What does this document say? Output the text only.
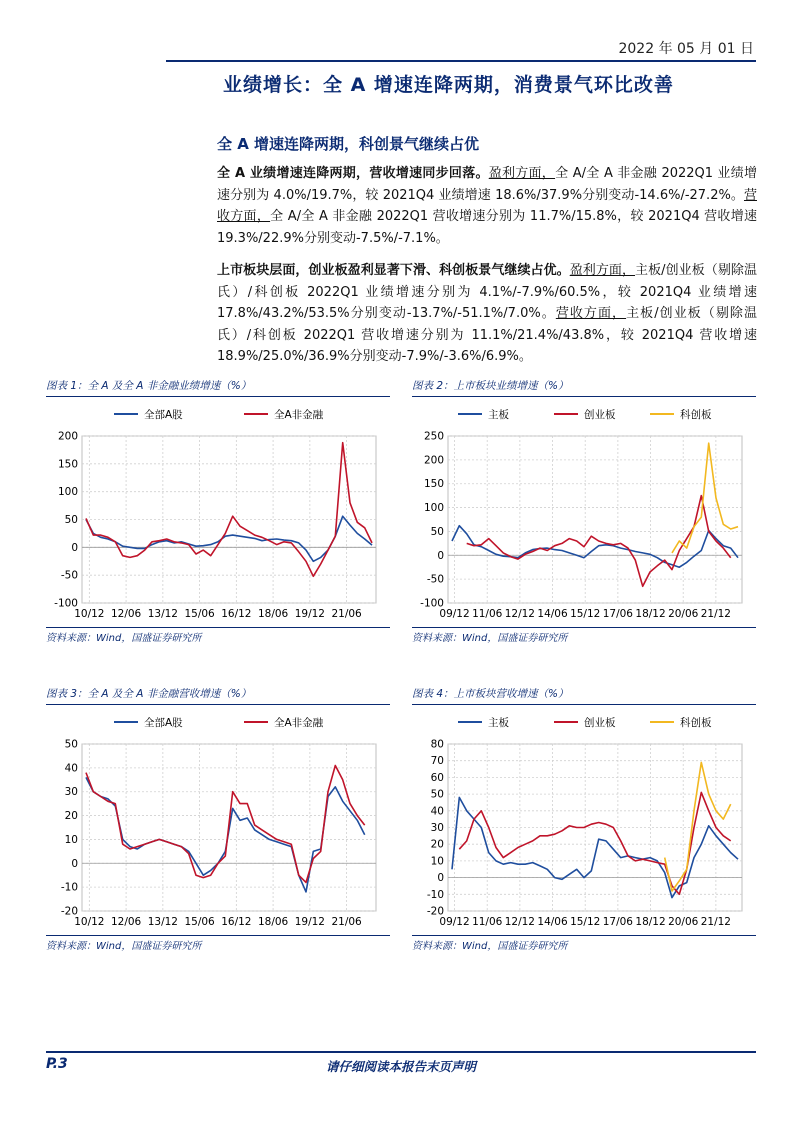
2022 年 05 月 01 日
业绩增长：全 A 增速连降两期，消费景气环比改善
全 A 增速连降两期，科创景气继续占优
全 A 业绩增速连降两期，营收增速同步回落。盈利方面，全 A/全 A 非金融 2022Q1 业绩增速分别为 4.0%/19.7%，较 2021Q4 业绩增速 18.6%/37.9%分别变动-14.6%/-27.2%。营收方面，全 A/全 A 非金融 2022Q1 营收增速分别为 11.7%/15.8%，较 2021Q4 营收增速 19.3%/22.9%分别变动-7.5%/-7.1%。
上市板块层面，创业板盈利显著下滑、科创板景气继续占优。盈利方面，主板/创业板（剔除温氏）/科创板 2022Q1 业绩增速分别为 4.1%/-7.9%/60.5%，较 2021Q4 业绩增速 17.8%/43.2%/53.5%分别变动-13.7%/-51.1%/7.0%。营收方面，主板/创业板（剔除温氏）/科创板 2022Q1 营收增速分别为 11.1%/21.4%/43.8%，较 2021Q4 营收增速 18.9%/25.0%/36.9%分别变动-7.9%/-3.6%/6.9%。
图表 1：全 A 及全 A 非金融业绩增速（%）
200
150
100
50
0
-50
-100
10/12 12/06 13/12 15/06 16/12 18/06 19/12 21/06
全部A股	全A非金融
资料来源：Wind，国盛证券研究所
图表 2：上市板块业绩增速（%）
250
200
150
100
50
0
-50
-100
09/12 11/06 12/12 14/06 15/12 17/06 18/12 20/06 21/12
主板	创业板	科创板
资料来源：Wind，国盛证券研究所
图表 3：全 A 及全 A 非金融营收增速（%）
50
40
30
20
10
0
-10
-20
10/12 12/06 13/12 15/06 16/12 18/06 19/12 21/06
全部A股	全A非金融
资料来源：Wind，国盛证券研究所
图表 4：上市板块营收增速（%）
80
70
60
50
40
30
20
10
0
-10
-20
09/12 11/06 12/12 14/06 15/12 17/06 18/12 20/06 21/12
主板	创业板	科创板
资料来源：Wind，国盛证券研究所
P.3	请仔细阅读本报告末页声明
